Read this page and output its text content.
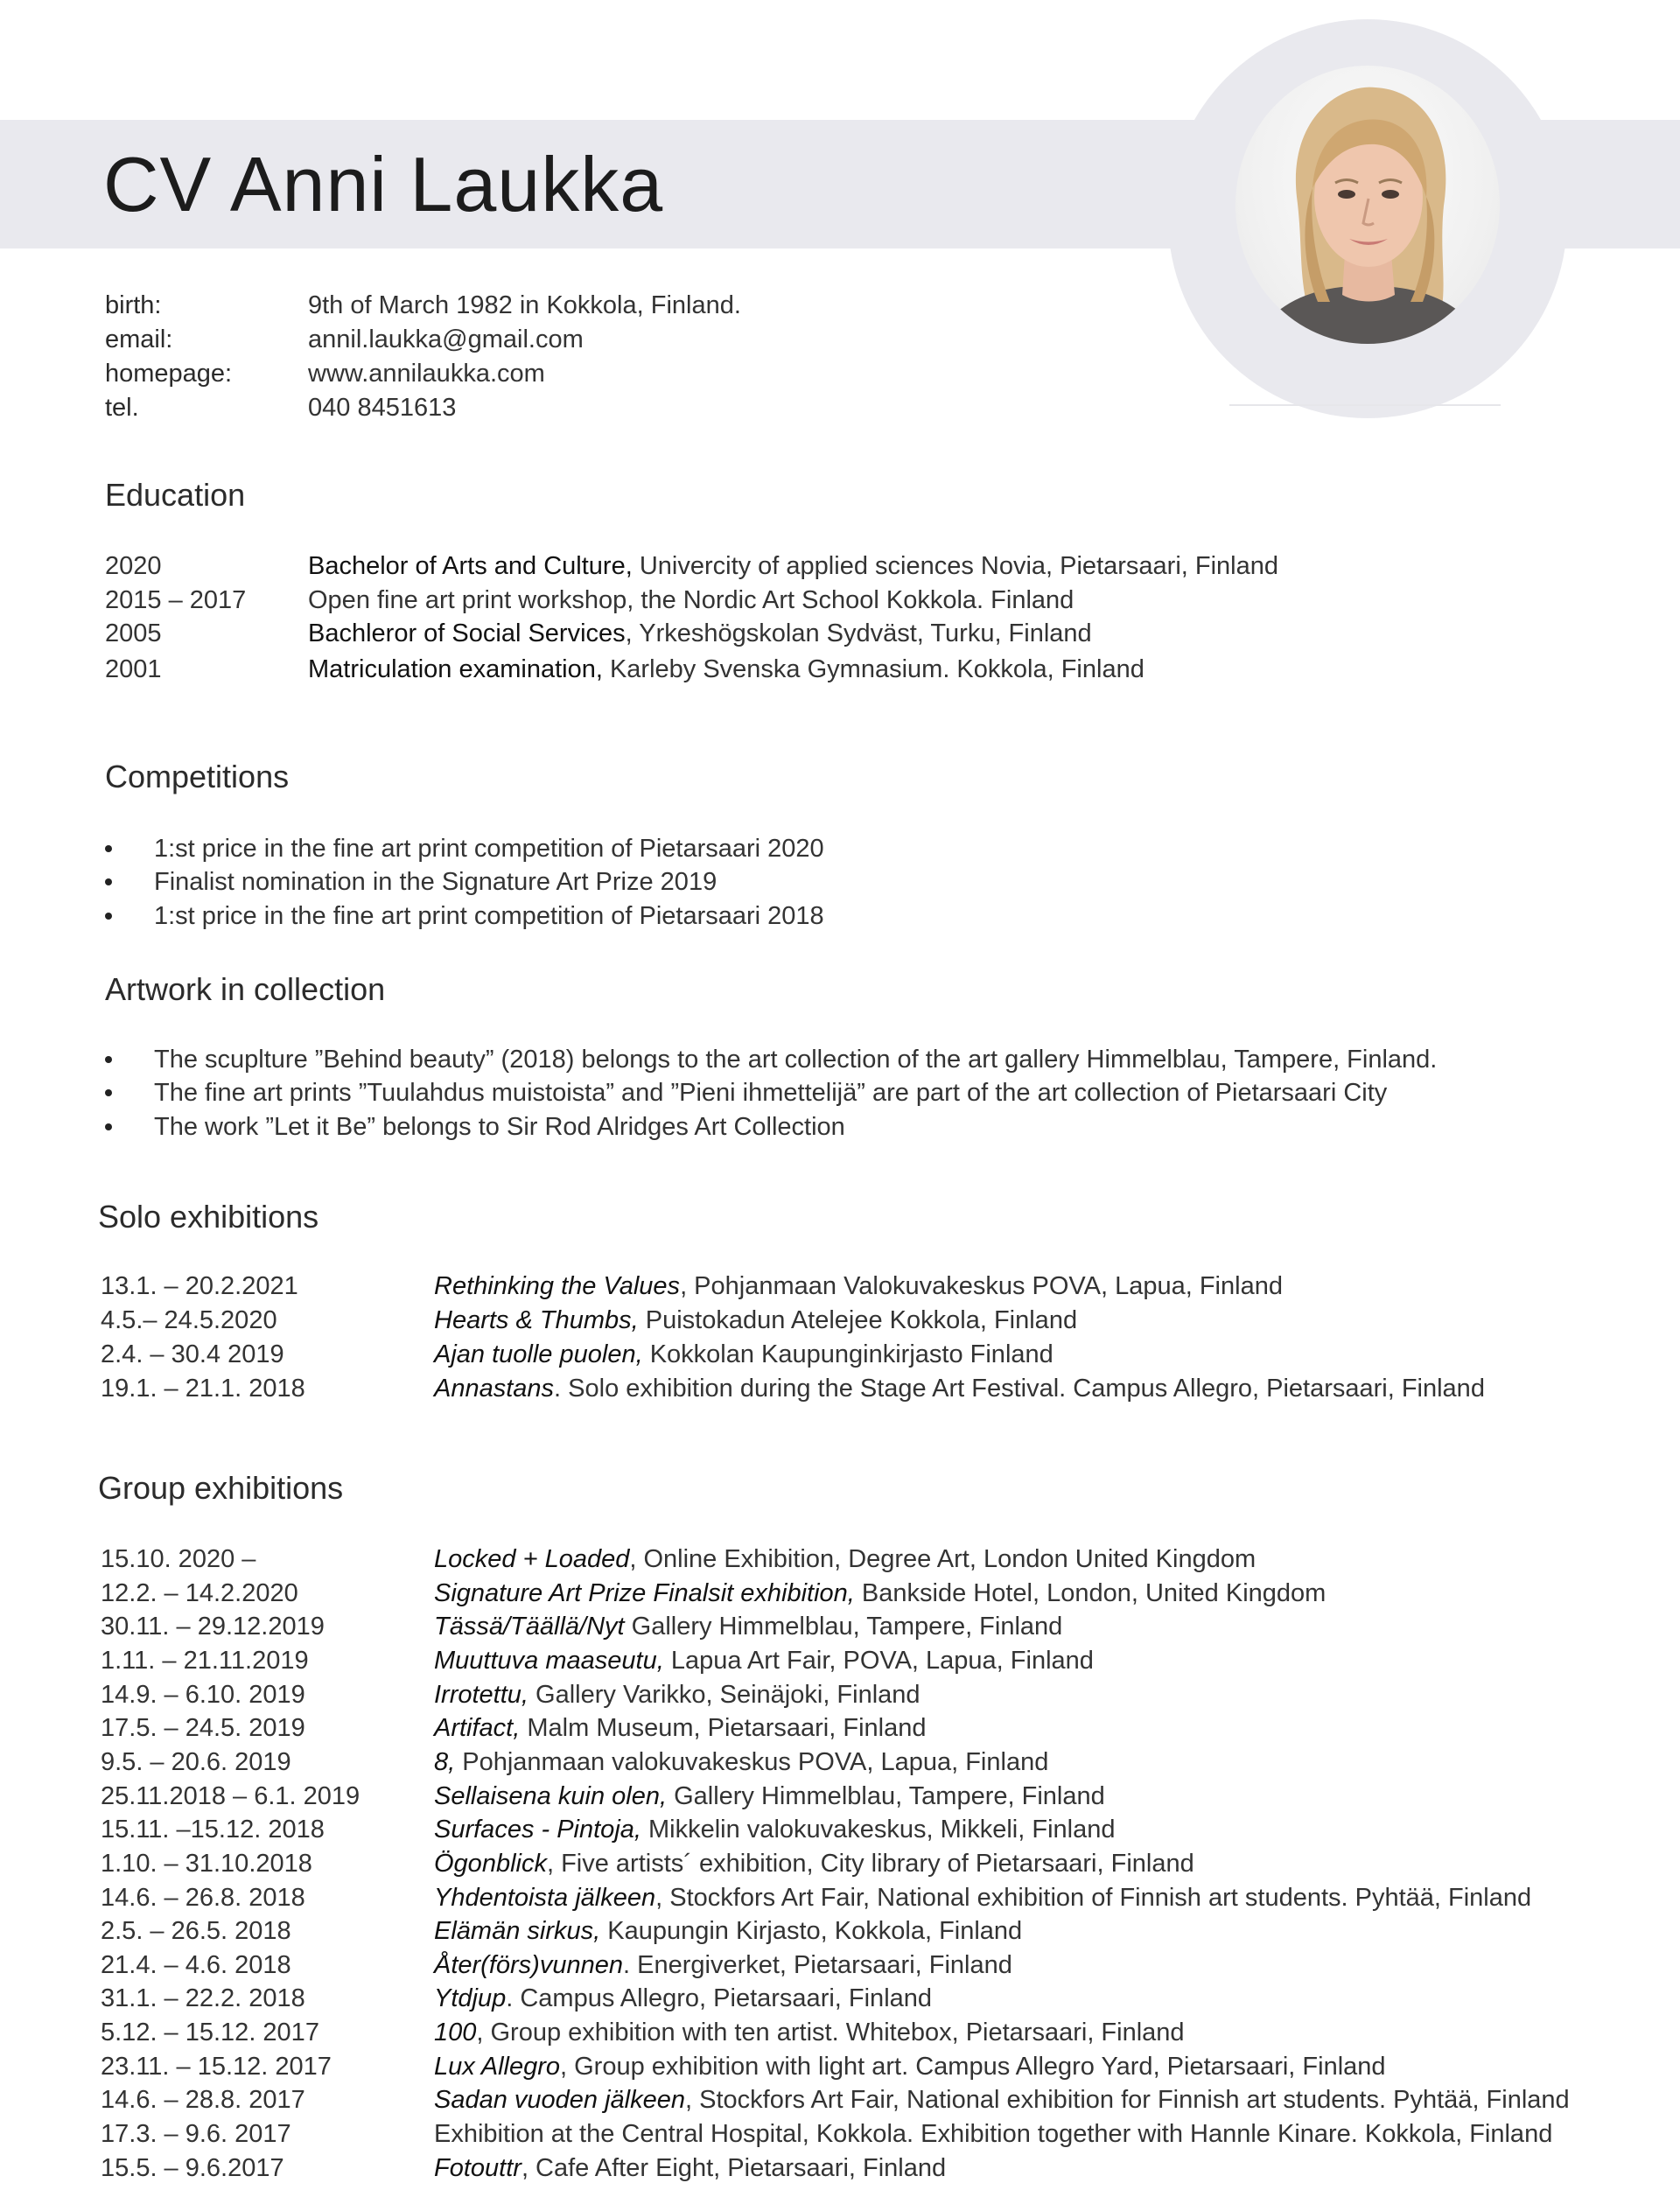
CV Anni Laukka
birth:	9th of March 1982 in Kokkola, Finland.
email:	annil.laukka@gmail.com
homepage:	www.annilaukka.com
tel.	040 8451613
Education
2020	Bachelor of Arts and Culture, Univercity of applied sciences Novia, Pietarsaari, Finland
2015 – 2017 Open fine art print workshop, the Nordic Art School Kokkola. Finland
2005	Bachleror of Social Services, Yrkeshögskolan Sydväst, Turku, Finland
2001	Matriculation examination, Karleby Svenska Gymnasium. Kokkola, Finland
Competitions
1:st price in the fine art print competition of Pietarsaari 2020
Finalist nomination in the Signature Art Prize 2019
1:st price in the fine art print competition of Pietarsaari 2018
Artwork in collection
The scuplture ”Behind beauty” (2018) belongs to the art collection of the art gallery Himmelblau, Tampere, Finland.
The fine art prints ”Tuulahdus muistoista” and ”Pieni ihmettelijä” are part of the art collection of Pietarsaari City
The work ”Let it Be” belongs to Sir Rod Alridges Art Collection
Solo exhibitions
13.1. – 20.2.2021	Rethinking the Values, Pohjanmaan Valokuvakeskus POVA, Lapua, Finland
4.5.– 24.5.2020	Hearts & Thumbs, Puistokadun Atelejee Kokkola, Finland
2.4. – 30.4 2019	Ajan tuolle puolen, Kokkolan Kaupunginkirjasto Finland
19.1. – 21.1. 2018	Annastans. Solo exhibition during the Stage Art Festival. Campus Allegro, Pietarsaari, Finland
Group exhibitions
15.10. 2020 –	Locked + Loaded, Online Exhibition, Degree Art, London United Kingdom
12.2. – 14.2.2020	Signature Art Prize Finalsit exhibition, Bankside Hotel, London, United Kingdom
30.11. – 29.12.2019	Tässä/Täällä/Nyt Gallery Himmelblau, Tampere, Finland
1.11. – 21.11.2019	Muuttuva maaseutu, Lapua Art Fair, POVA, Lapua, Finland
14.9. – 6.10. 2019	Irrotettu, Gallery Varikko, Seinäjoki, Finland
17.5. – 24.5. 2019	Artifact, Malm Museum, Pietarsaari, Finland
9.5. – 20.6. 2019	8, Pohjanmaan valokuvakeskus POVA, Lapua, Finland
25.11.2018 – 6.1. 2019	Sellaisena kuin olen, Gallery Himmelblau, Tampere, Finland
15.11. –15.12. 2018	Surfaces - Pintoja, Mikkelin valokuvakeskus, Mikkeli, Finland
1.10. – 31.10.2018	Ögonblick, Five artists´ exhibition, City library of Pietarsaari, Finland
14.6. – 26.8. 2018	Yhdentoista jälkeen, Stockfors Art Fair, National exhibition of Finnish art students. Pyhtää, Finland
2.5. – 26.5. 2018	Elämän sirkus, Kaupungin Kirjasto, Kokkola, Finland
21.4. – 4.6. 2018	Åter(förs)vunnen. Energiverket, Pietarsaari, Finland
31.1. – 22.2. 2018	Ytdjup. Campus Allegro, Pietarsaari, Finland
5.12. – 15.12. 2017	100, Group exhibition with ten artist. Whitebox, Pietarsaari, Finland
23.11. – 15.12. 2017	Lux Allegro, Group exhibition with light art. Campus Allegro Yard, Pietarsaari, Finland
14.6. – 28.8. 2017	Sadan vuoden jälkeen, Stockfors Art Fair, National exhibition for Finnish art students. Pyhtää, Finland
17.3. – 9.6. 2017	Exhibition at the Central Hospital, Kokkola. Exhibition together with Hannle Kinare. Kokkola, Finland
15.5. – 9.6.2017	Fotouttr, Cafe After Eight, Pietarsaari, Finland
